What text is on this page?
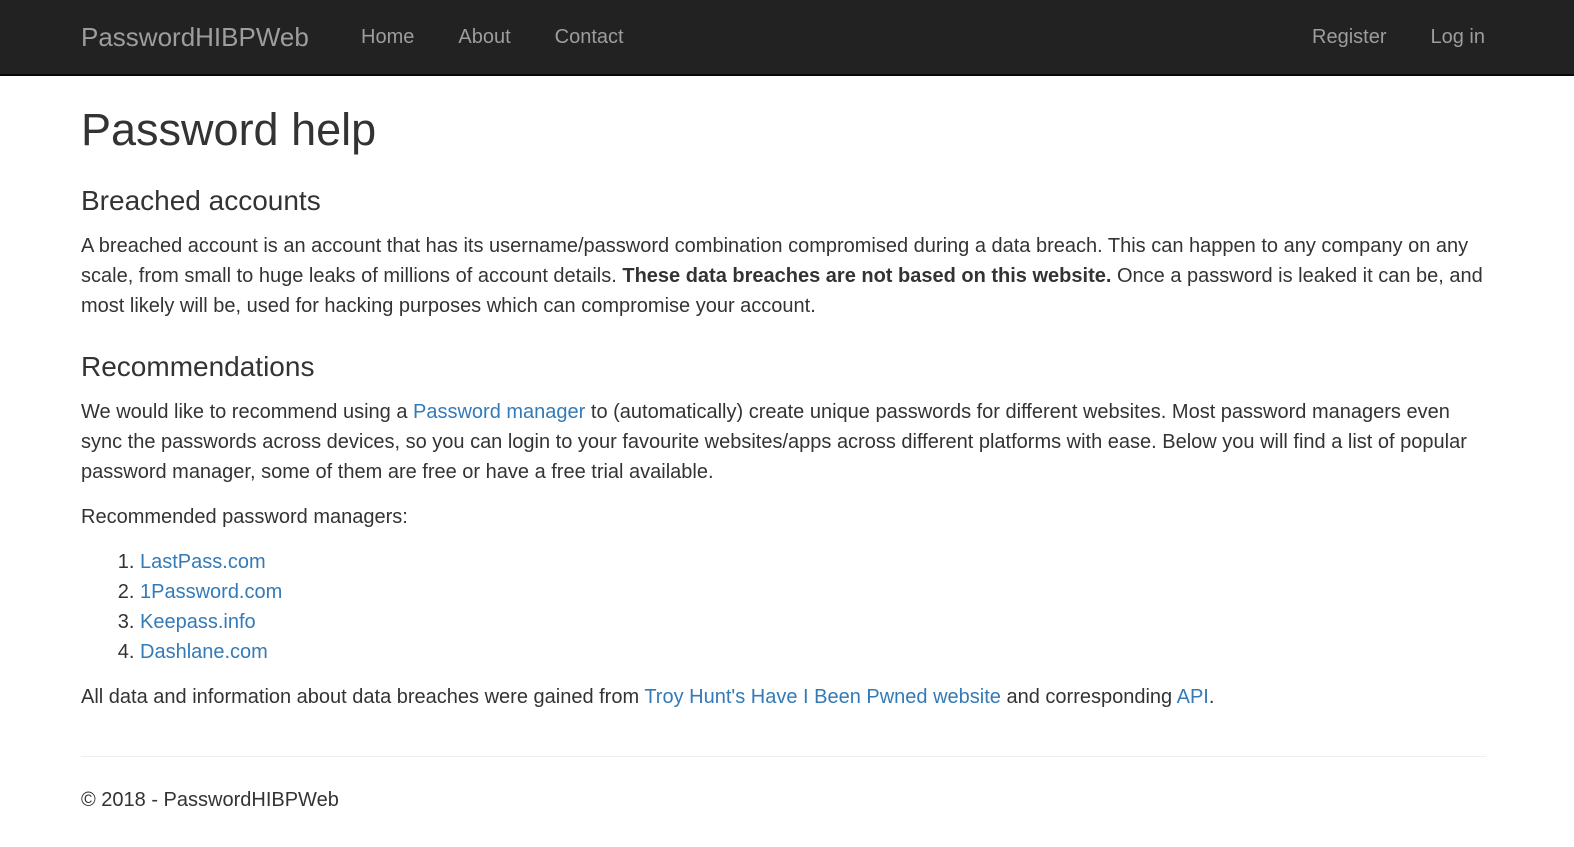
PasswordHIBPWeb	Home	About	Contact	Register	Log in
Password help
Breached accounts

A breached account is an account that has its username/password combination compromised during a data breach. This can happen to any company on any scale, from small to huge leaks of millions of account details. These data breaches are not based on this website. Once a password is leaked it can be, and most likely will be, used for hacking purposes which can compromise your account.

Recommendations

We would like to recommend using a Password manager to (automatically) create unique passwords for different websites. Most password managers even sync the passwords across devices, so you can login to your favourite websites/apps across different platforms with ease. Below you will find a list of popular password manager, some of them are free or have a free trial available.

Recommended password managers:

1. LastPass.com
2. 1Password.com
3. Keepass.info
4. Dashlane.com

All data and information about data breaches were gained from Troy Hunt's Have I Been Pwned website and corresponding API.

© 2018 - PasswordHIBPWeb
